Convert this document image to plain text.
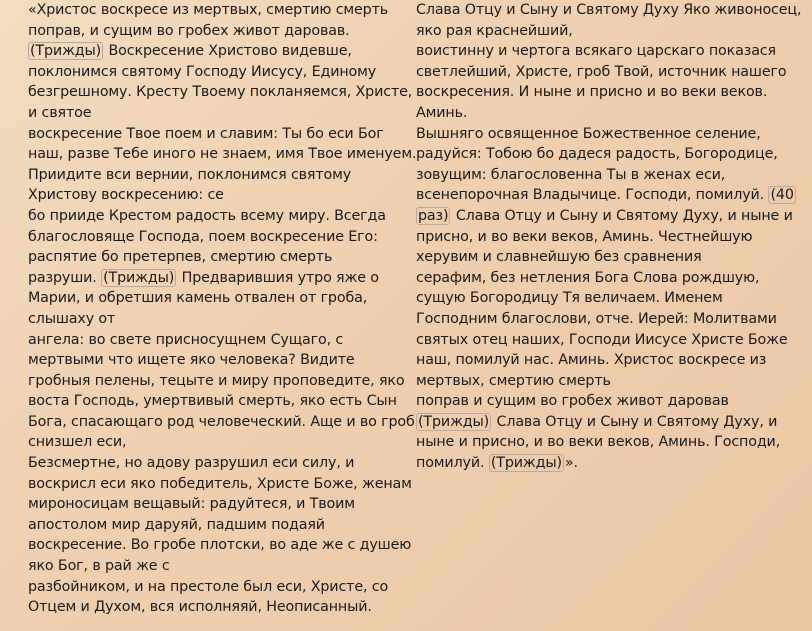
«Христос воскресе из мертвых, смертию смерть
поправ, и сущим во гробех живот даровав.
(Трижды) Воскресение Христово видевше,
поклонимся святому Господу Иисусу, Единому
безгрешному. Кресту Твоему покланяемся, Христе,
и святое
воскресение Твое поем и славим: Ты бо еси Бог
наш, разве Тебе иного не знаем, имя Твое именуем.
Приидите вси вернии, поклонимся святому
Христову воскресению: се
бо прииде Крестом радость всему миру. Всегда
благословяще Господа, поем воскресение Его:
распятие бо претерпев, смертию смерть
разруши. (Трижды) Предварившия утро яже о
Марии, и обретшия камень отвален от гроба,
слышаху от
ангела: во свете присносущнем Сущаго, с
мертвыми что ищете яко человека? Видите
гробныя пелены, тецыте и миру проповедите, яко
воста Господь, умертвивый смерть, яко есть Сын
Бога, спасающаго род человеческий. Аще и во гроб
снизшел еси,
Безсмертне, но адову разрушил еси силу, и
воскрисл еси яко победитель, Христе Боже, женам
мироносицам вещавый: радуйтеся, и Твоим
апостолом мир даруяй, падшим подаяй
воскресение. Во гробе плотски, во аде же с душею
яко Бог, в рай же с
разбойником, и на престоле был еси, Христе, со
Отцем и Духом, вся исполняяй, Неописанный.
Слава Отцу и Сыну и Святому Духу Яко живоносец,
яко рая краснейший,
воистинну и чертога всякаго царскаго показася
светлейший, Христе, гроб Твой, источник нашего
воскресения. И ныне и присно и во веки веков.
Аминь.
Вышняго освященное Божественное селение,
радуйся: Тобою бо дадеся радость, Богородице,
зовущим: благословенна Ты в женах еси,
всенепорочная Владычице. Господи, помилуй. (40
раз) Слава Отцу и Сыну и Святому Духу, и ныне и
присно, и во веки веков, Аминь. Честнейшую
херувим и славнейшую без сравнения
серафим, без нетления Бога Слова рождшую,
сущую Богородицу Тя величаем. Именем
Господним благослови, отче. Иерей: Молитвами
святых отец наших, Господи Иисусе Христе Боже
наш, помилуй нас. Аминь. Христос воскресе из
мертвых, смертию смерть
поправ и сущим во гробех живот даровав
(Трижды) Слава Отцу и Сыну и Святому Духу, и
ныне и присно, и во веки веков, Аминь. Господи,
помилуй. (Трижды) ».
